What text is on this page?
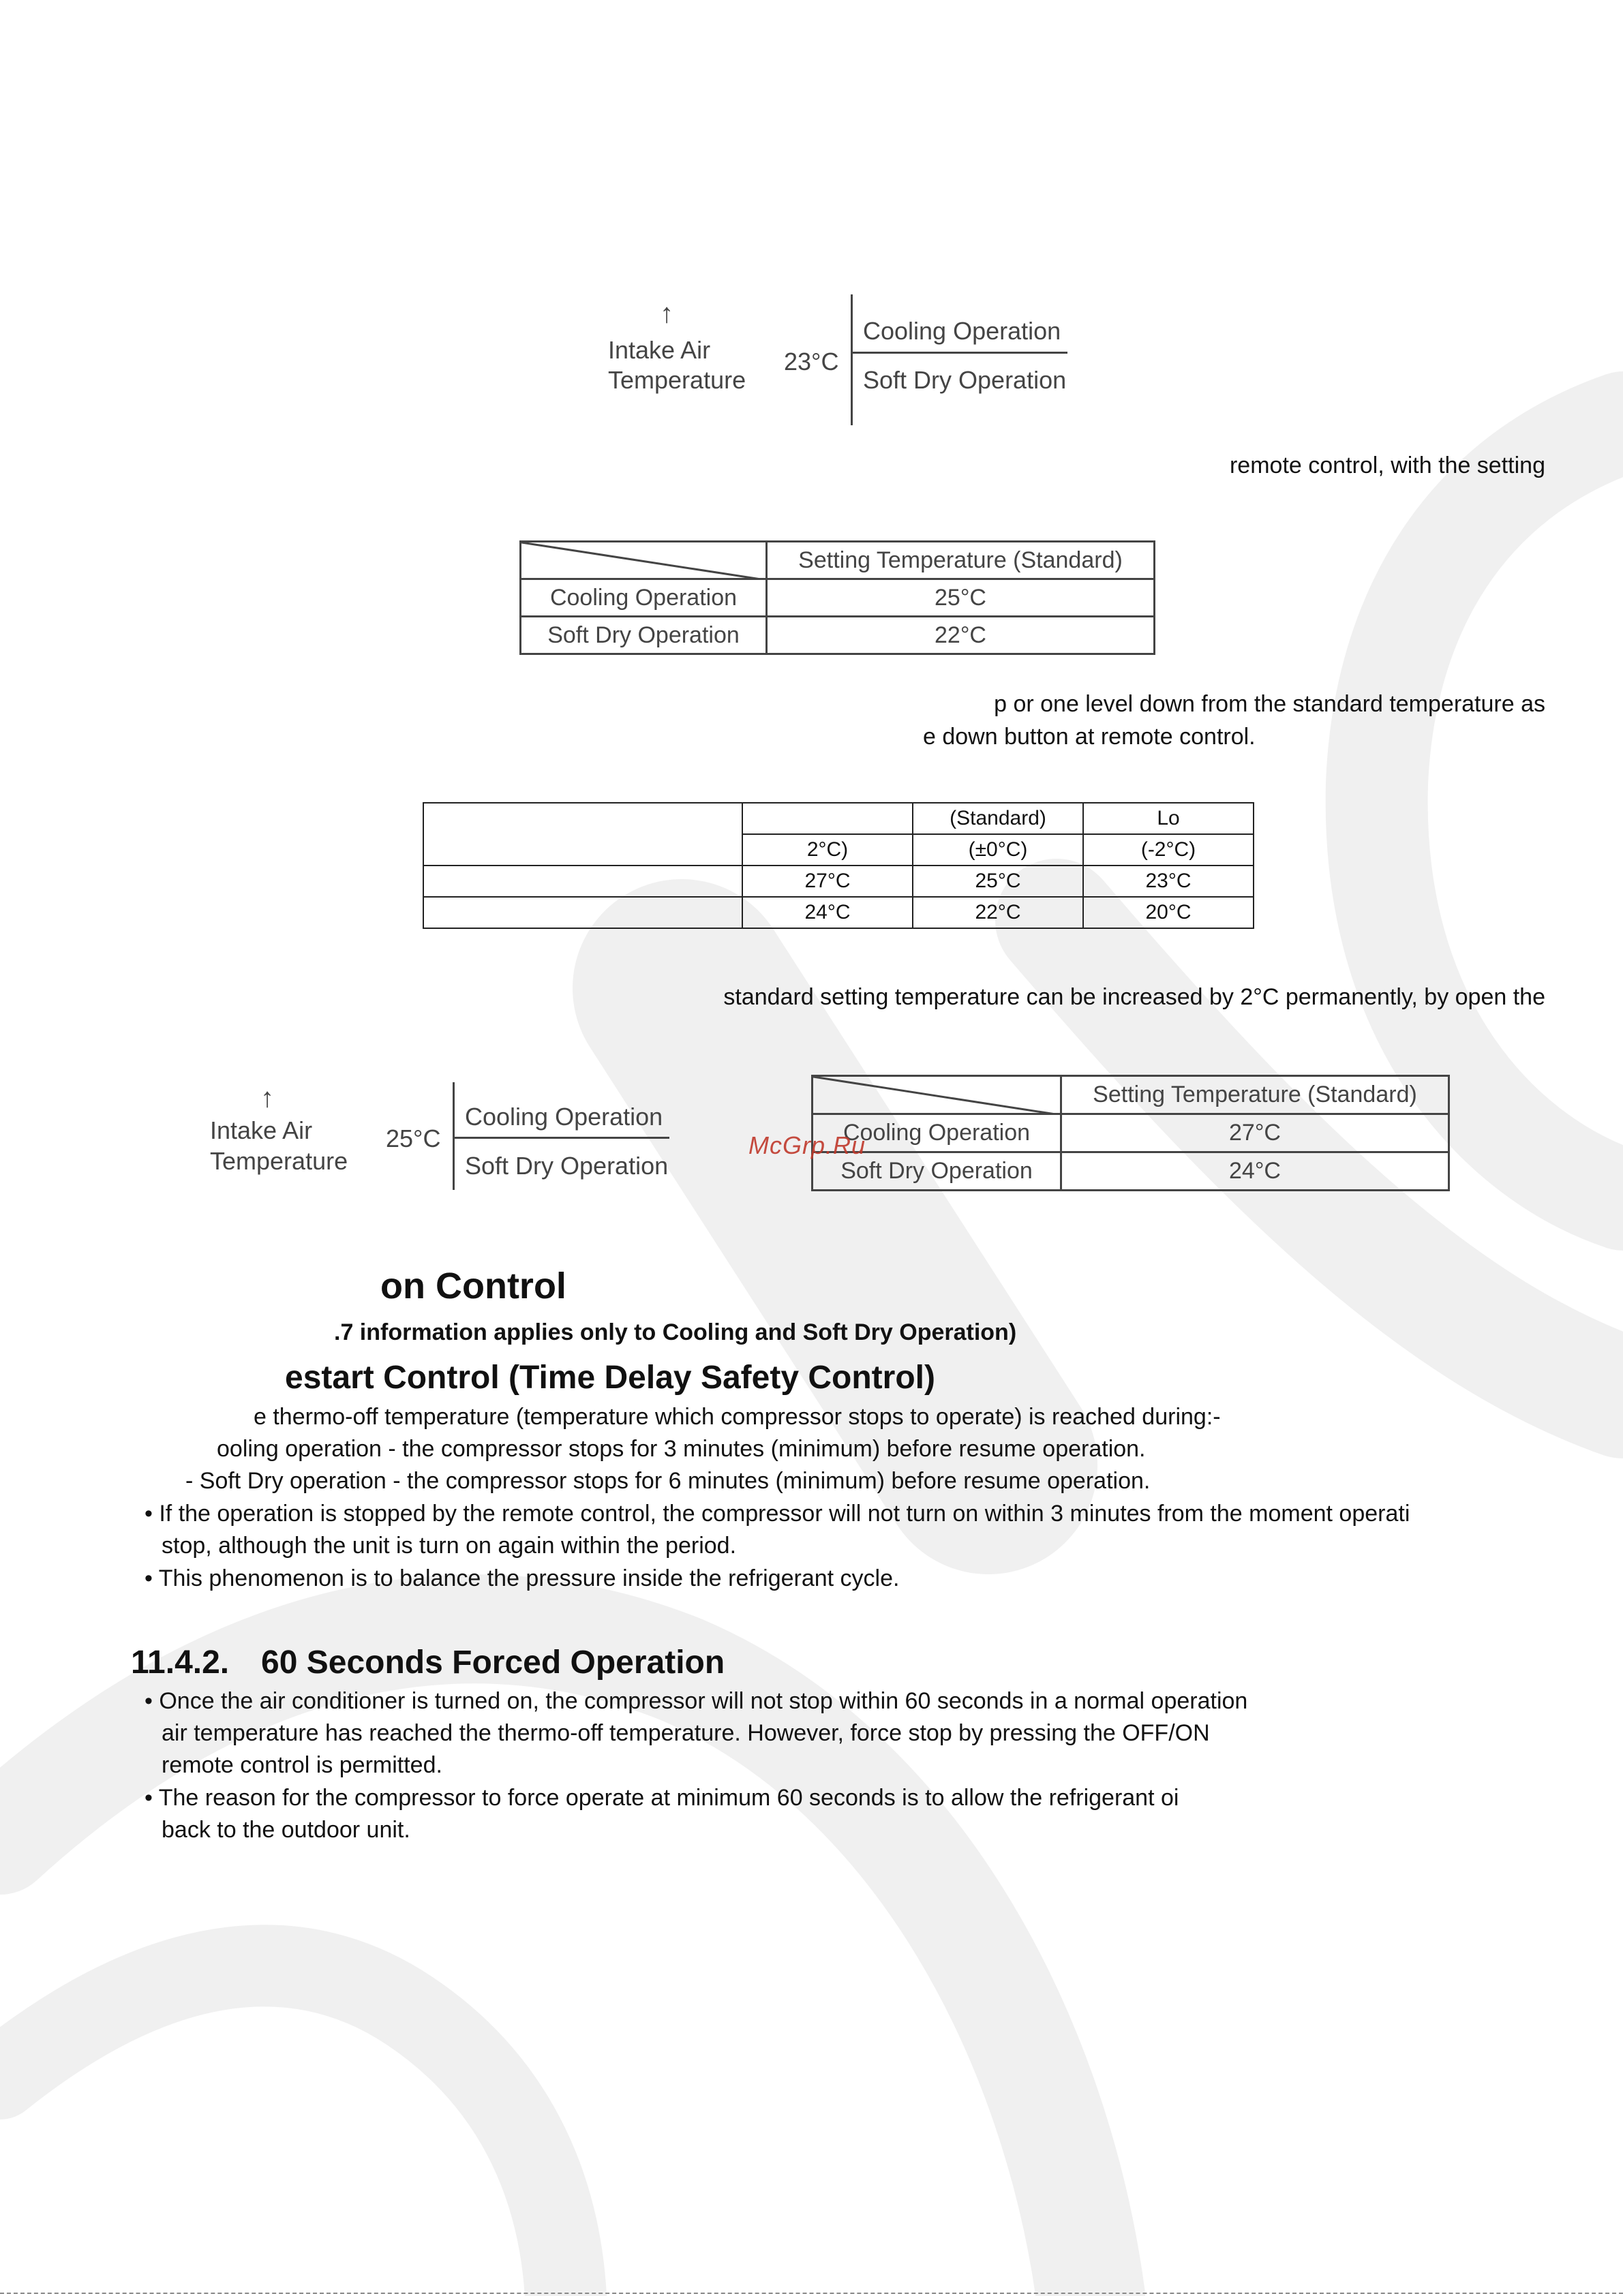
↑
Intake Air
Temperature
23°C
Cooling Operation
Soft Dry Operation
remote control, with the setting
	Setting Temperature (Standard)
Cooling Operation	25°C
Soft Dry Operation	22°C
p or one level down from the standard temperature as
e down button at remote control.
		(Standard)	Lo
	2°C)	(±0°C)	(-2°C)
	27°C	25°C	23°C
	24°C	22°C	20°C
standard setting temperature can be increased by 2°C permanently, by open the
↑
Intake Air
Temperature
25°C
Cooling Operation
Soft Dry Operation
	Setting Temperature (Standard)
Cooling Operation	27°C
Soft Dry Operation	24°C
McGrp.Ru
on Control
.7 information applies only to Cooling and Soft Dry Operation)
estart Control (Time Delay Safety Control)
e thermo-off temperature (temperature which compressor stops to operate) is reached during:-
ooling operation - the compressor stops for 3 minutes (minimum) before resume operation.
- Soft Dry operation - the compressor stops for 6 minutes (minimum) before resume operation.
• If the operation is stopped by the remote control, the compressor will not turn on within 3 minutes from the moment operati
stop, although the unit is turn on again within the period.
• This phenomenon is to balance the pressure inside the refrigerant cycle.
11.4.2. 60 Seconds Forced Operation
• Once the air conditioner is turned on, the compressor will not stop within 60 seconds in a normal operation
air temperature has reached the thermo-off temperature. However, force stop by pressing the OFF/ON
remote control is permitted.
• The reason for the compressor to force operate at minimum 60 seconds is to allow the refrigerant oi
back to the outdoor unit.
